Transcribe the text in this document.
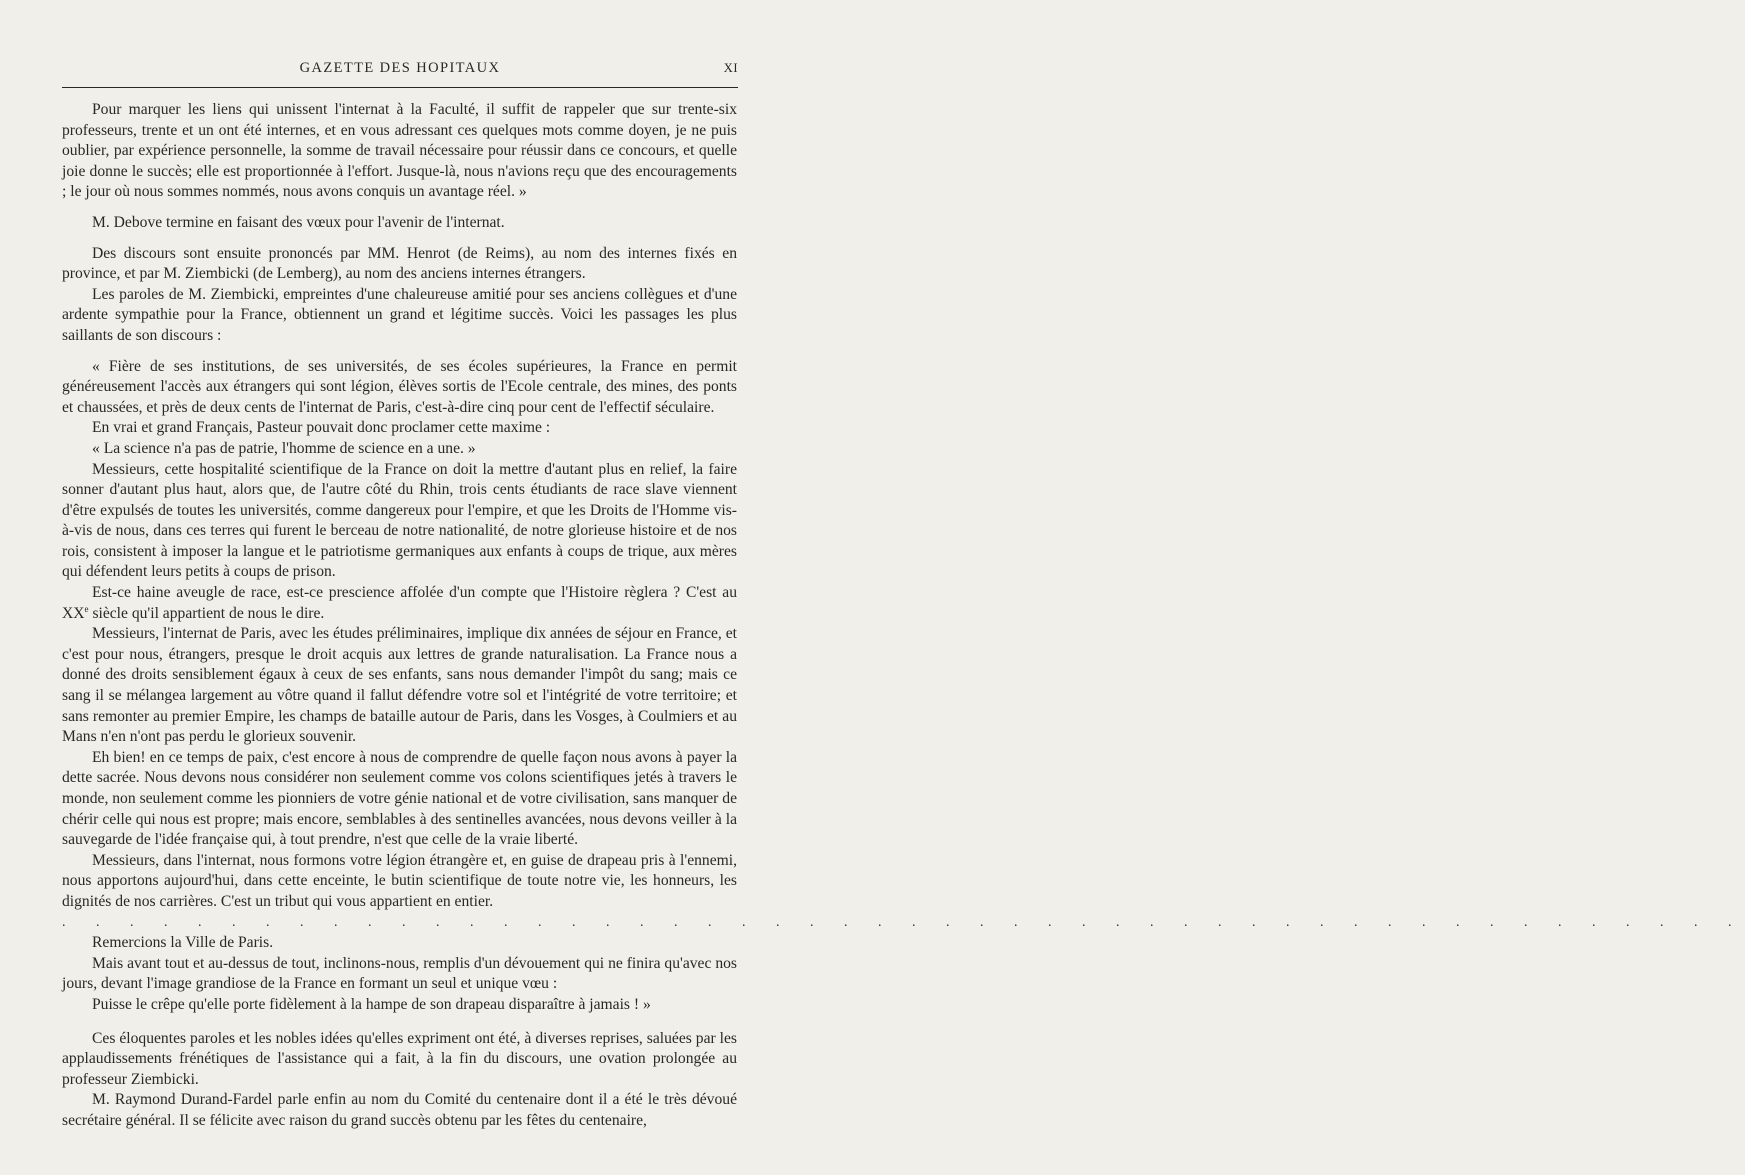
GAZETTE DES HOPITAUX	XI

Pour marquer les liens qui unissent l'internat à la Faculté, il suffit de rappeler que sur trente-six professeurs, trente et un ont été internes, et en vous adressant ces quelques mots comme doyen, je ne puis oublier, par expérience personnelle, la somme de travail nécessaire pour réussir dans ce concours, et quelle joie donne le succès; elle est proportionnée à l'effort. Jusque-là, nous n'avions reçu que des encouragements ; le jour où nous sommes nommés, nous avons conquis un avantage réel. »

M. Debove termine en faisant des vœux pour l'avenir de l'internat.

Des discours sont ensuite prononcés par MM. Henrot (de Reims), au nom des internes fixés en province, et par M. Ziembicki (de Lemberg), au nom des anciens internes étrangers.

Les paroles de M. Ziembicki, empreintes d'une chaleureuse amitié pour ses anciens collègues et d'une ardente sympathie pour la France, obtiennent un grand et légitime succès. Voici les passages les plus saillants de son discours :

« Fière de ses institutions, de ses universités, de ses écoles supérieures, la France en permit généreusement l'accès aux étrangers qui sont légion, élèves sortis de l'Ecole centrale, des mines, des ponts et chaussées, et près de deux cents de l'internat de Paris, c'est-à-dire cinq pour cent de l'effectif séculaire.

En vrai et grand Français, Pasteur pouvait donc proclamer cette maxime :

« La science n'a pas de patrie, l'homme de science en a une. »

Messieurs, cette hospitalité scientifique de la France on doit la mettre d'autant plus en relief, la faire sonner d'autant plus haut, alors que, de l'autre côté du Rhin, trois cents étudiants de race slave viennent d'être expulsés de toutes les universités, comme dangereux pour l'empire, et que les Droits de l'Homme vis-à-vis de nous, dans ces terres qui furent le berceau de notre nationalité, de notre glorieuse histoire et de nos rois, consistent à imposer la langue et le patriotisme germaniques aux enfants à coups de trique, aux mères qui défendent leurs petits à coups de prison.

Est-ce haine aveugle de race, est-ce prescience affolée d'un compte que l'Histoire règlera ? C'est au XXe siècle qu'il appartient de nous le dire.

Messieurs, l'internat de Paris, avec les études préliminaires, implique dix années de séjour en France, et c'est pour nous, étrangers, presque le droit acquis aux lettres de grande naturalisation. La France nous a donné des droits sensiblement égaux à ceux de ses enfants, sans nous demander l'impôt du sang; mais ce sang il se mélangea largement au vôtre quand il fallut défendre votre sol et l'intégrité de votre territoire; et sans remonter au premier Empire, les champs de bataille autour de Paris, dans les Vosges, à Coulmiers et au Mans n'en n'ont pas perdu le glorieux souvenir.

Eh bien! en ce temps de paix, c'est encore à nous de comprendre de quelle façon nous avons à payer la dette sacrée. Nous devons nous considérer non seulement comme vos colons scientifiques jetés à travers le monde, non seulement comme les pionniers de votre génie national et de votre civilisation, sans manquer de chérir celle qui nous est propre; mais encore, semblables à des sentinelles avancées, nous devons veiller à la sauvegarde de l'idée française qui, à tout prendre, n'est que celle de la vraie liberté.

Messieurs, dans l'internat, nous formons votre légion étrangère et, en guise de drapeau pris à l'ennemi, nous apportons aujourd'hui, dans cette enceinte, le butin scientifique de toute notre vie, les honneurs, les dignités de nos carrières. C'est un tribut qui vous appartient en entier.

. . . . . . . . . . . . . . . . . . . . . . . . . . . . . . . . . . . . . . . . . . . . . . . . . .

Remercions la Ville de Paris.

Mais avant tout et au-dessus de tout, inclinons-nous, remplis d'un dévouement qui ne finira qu'avec nos jours, devant l'image grandiose de la France en formant un seul et unique vœu :

Puisse le crêpe qu'elle porte fidèlement à la hampe de son drapeau disparaître à jamais ! »

Ces éloquentes paroles et les nobles idées qu'elles expriment ont été, à diverses reprises, saluées par les applaudissements frénétiques de l'assistance qui a fait, à la fin du discours, une ovation prolongée au professeur Ziembicki.

M. Raymond Durand-Fardel parle enfin au nom du Comité du centenaire dont il a été le très dévoué secrétaire général. Il se félicite avec raison du grand succès obtenu par les fêtes du centenaire,
